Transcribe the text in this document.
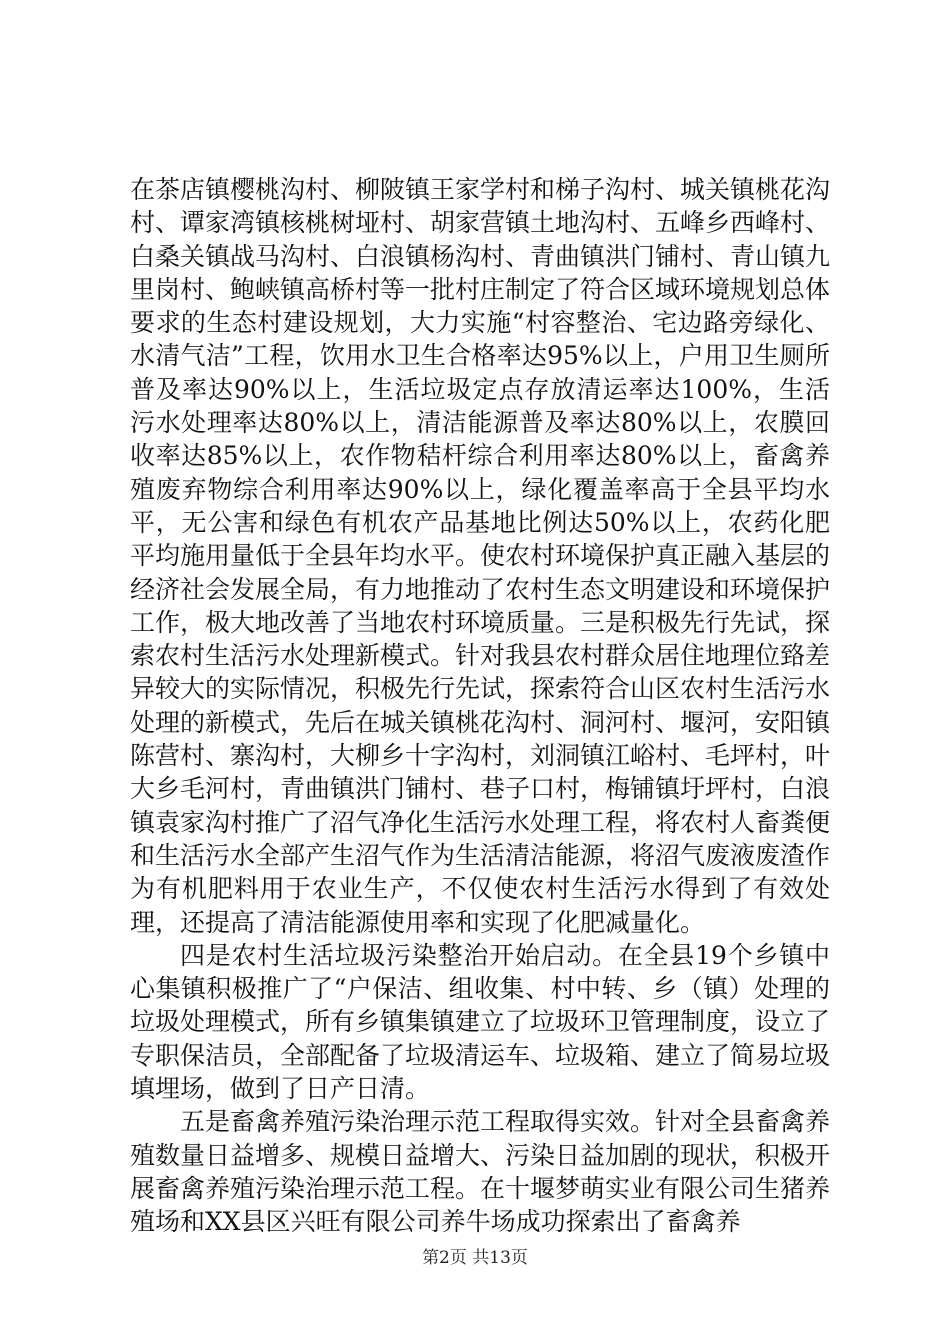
在茶店镇樱桃沟村、柳陂镇王家学村和梯子沟村、城关镇桃花沟村、谭家湾镇核桃树垭村、胡家营镇土地沟村、五峰乡西峰村、白桑关镇战马沟村、白浪镇杨沟村、青曲镇洪门铺村、青山镇九里岗村、鲍峡镇高桥村等一批村庄制定了符合区域环境规划总体要求的生态村建设规划，大力实施“村容整治、宅边路旁绿化、水清气洁”工程，饮用水卫生合格率达95%以上，户用卫生厕所普及率达90%以上，生活垃圾定点存放清运率达100%，生活污水处理率达80%以上，清洁能源普及率达80%以上，农膜回收率达85%以上，农作物秸杆综合利用率达80%以上，畜禽养殖废弃物综合利用率达90%以上，绿化覆盖率高于全县平均水平，无公害和绿色有机农产品基地比例达50%以上，农药化肥平均施用量低于全县年均水平。使农村环境保护真正融入基层的经济社会发展全局，有力地推动了农村生态文明建设和环境保护工作，极大地改善了当地农村环境质量。三是积极先行先试，探索农村生活污水处理新模式。针对我县农村群众居住地理位臵差异较大的实际情况，积极先行先试，探索符合山区农村生活污水处理的新模式，先后在城关镇桃花沟村、洞河村、堰河，安阳镇陈营村、寨沟村，大柳乡十字沟村，刘洞镇江峪村、毛坪村，叶大乡毛河村，青曲镇洪门铺村、巷子口村，梅铺镇圩坪村，白浪镇袁家沟村推广了沼气净化生活污水处理工程，将农村人畜粪便和生活污水全部产生沼气作为生活清洁能源，将沼气废液废渣作为有机肥料用于农业生产，不仅使农村生活污水得到了有效处理，还提高了清洁能源使用率和实现了化肥减量化。

四是农村生活垃圾污染整治开始启动。在全县19个乡镇中心集镇积极推广了“户保洁、组收集、村中转、乡（镇）处理的垃圾处理模式，所有乡镇集镇建立了垃圾环卫管理制度，设立了专职保洁员，全部配备了垃圾清运车、垃圾箱、建立了简易垃圾填埋场，做到了日产日清。

五是畜禽养殖污染治理示范工程取得实效。针对全县畜禽养殖数量日益增多、规模日益增大、污染日益加剧的现状，积极开展畜禽养殖污染治理示范工程。在十堰梦萌实业有限公司生猪养殖场和XX县区兴旺有限公司养牛场成功探索出了畜禽养

第2页 共13页
